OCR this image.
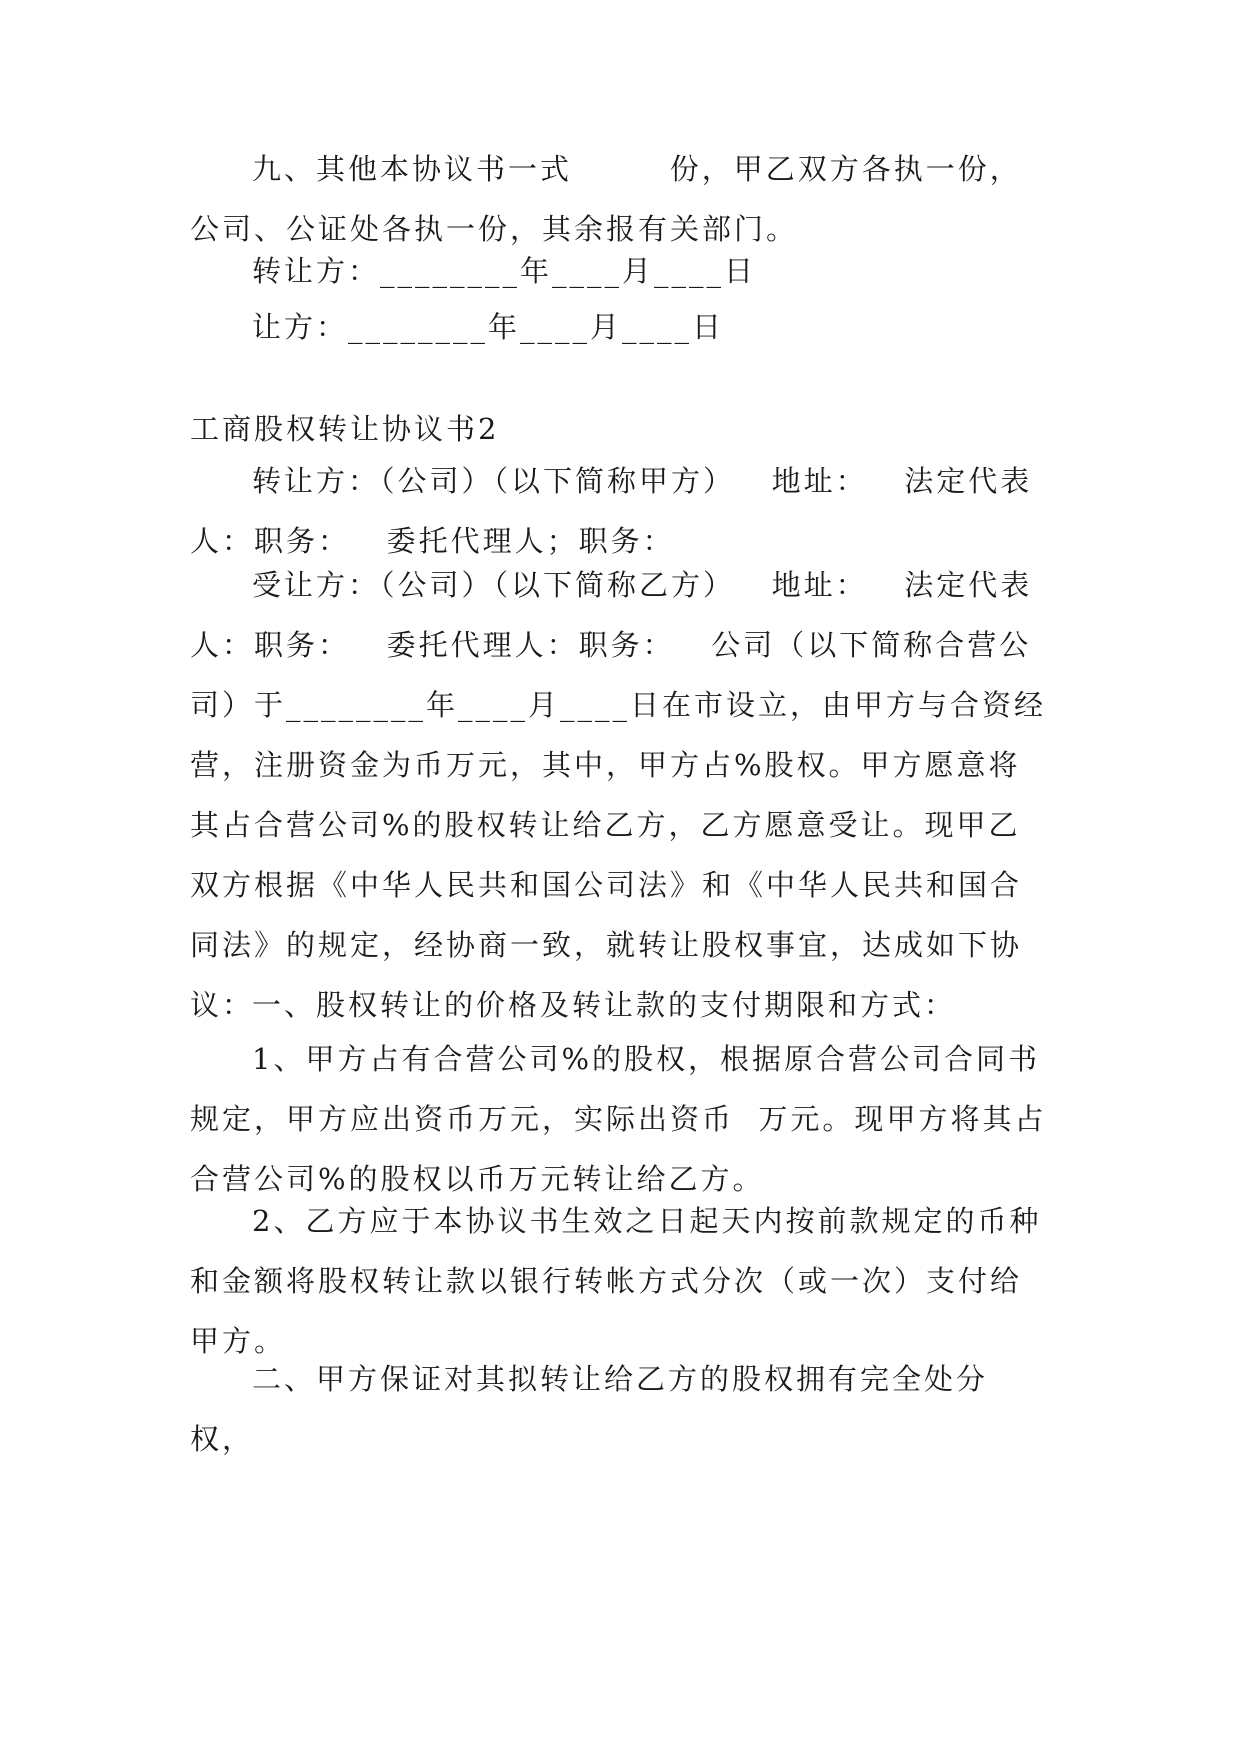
九、其他本协议书一式        份，甲乙双方各执一份，公司、公证处各执一份，其余报有关部门。

转让方：________年____月____日

让方：________年____月____日

工商股权转让协议书2

转让方：（公司）（以下简称甲方）   地址：   法定代表人：职务：   委托代理人；职务：

受让方：（公司）（以下简称乙方）   地址：   法定代表人：职务：   委托代理人：职务：   公司（以下简称合营公司）于________年____月____日在市设立，由甲方与合资经营，注册资金为币万元，其中，甲方占%股权。甲方愿意将其占合营公司%的股权转让给乙方，乙方愿意受让。现甲乙双方根据《中华人民共和国公司法》和《中华人民共和国合同法》的规定，经协商一致，就转让股权事宜，达成如下协议：

一、股权转让的价格及转让款的支付期限和方式：

1、甲方占有合营公司%的股权，根据原合营公司合同书规定，甲方应出资币万元，实际出资币  万元。现甲方将其占合营公司%的股权以币万元转让给乙方。

2、乙方应于本协议书生效之日起天内按前款规定的币种和金额将股权转让款以银行转帐方式分次（或一次）支付给甲方。

二、甲方保证对其拟转让给乙方的股权拥有完全处分权，
